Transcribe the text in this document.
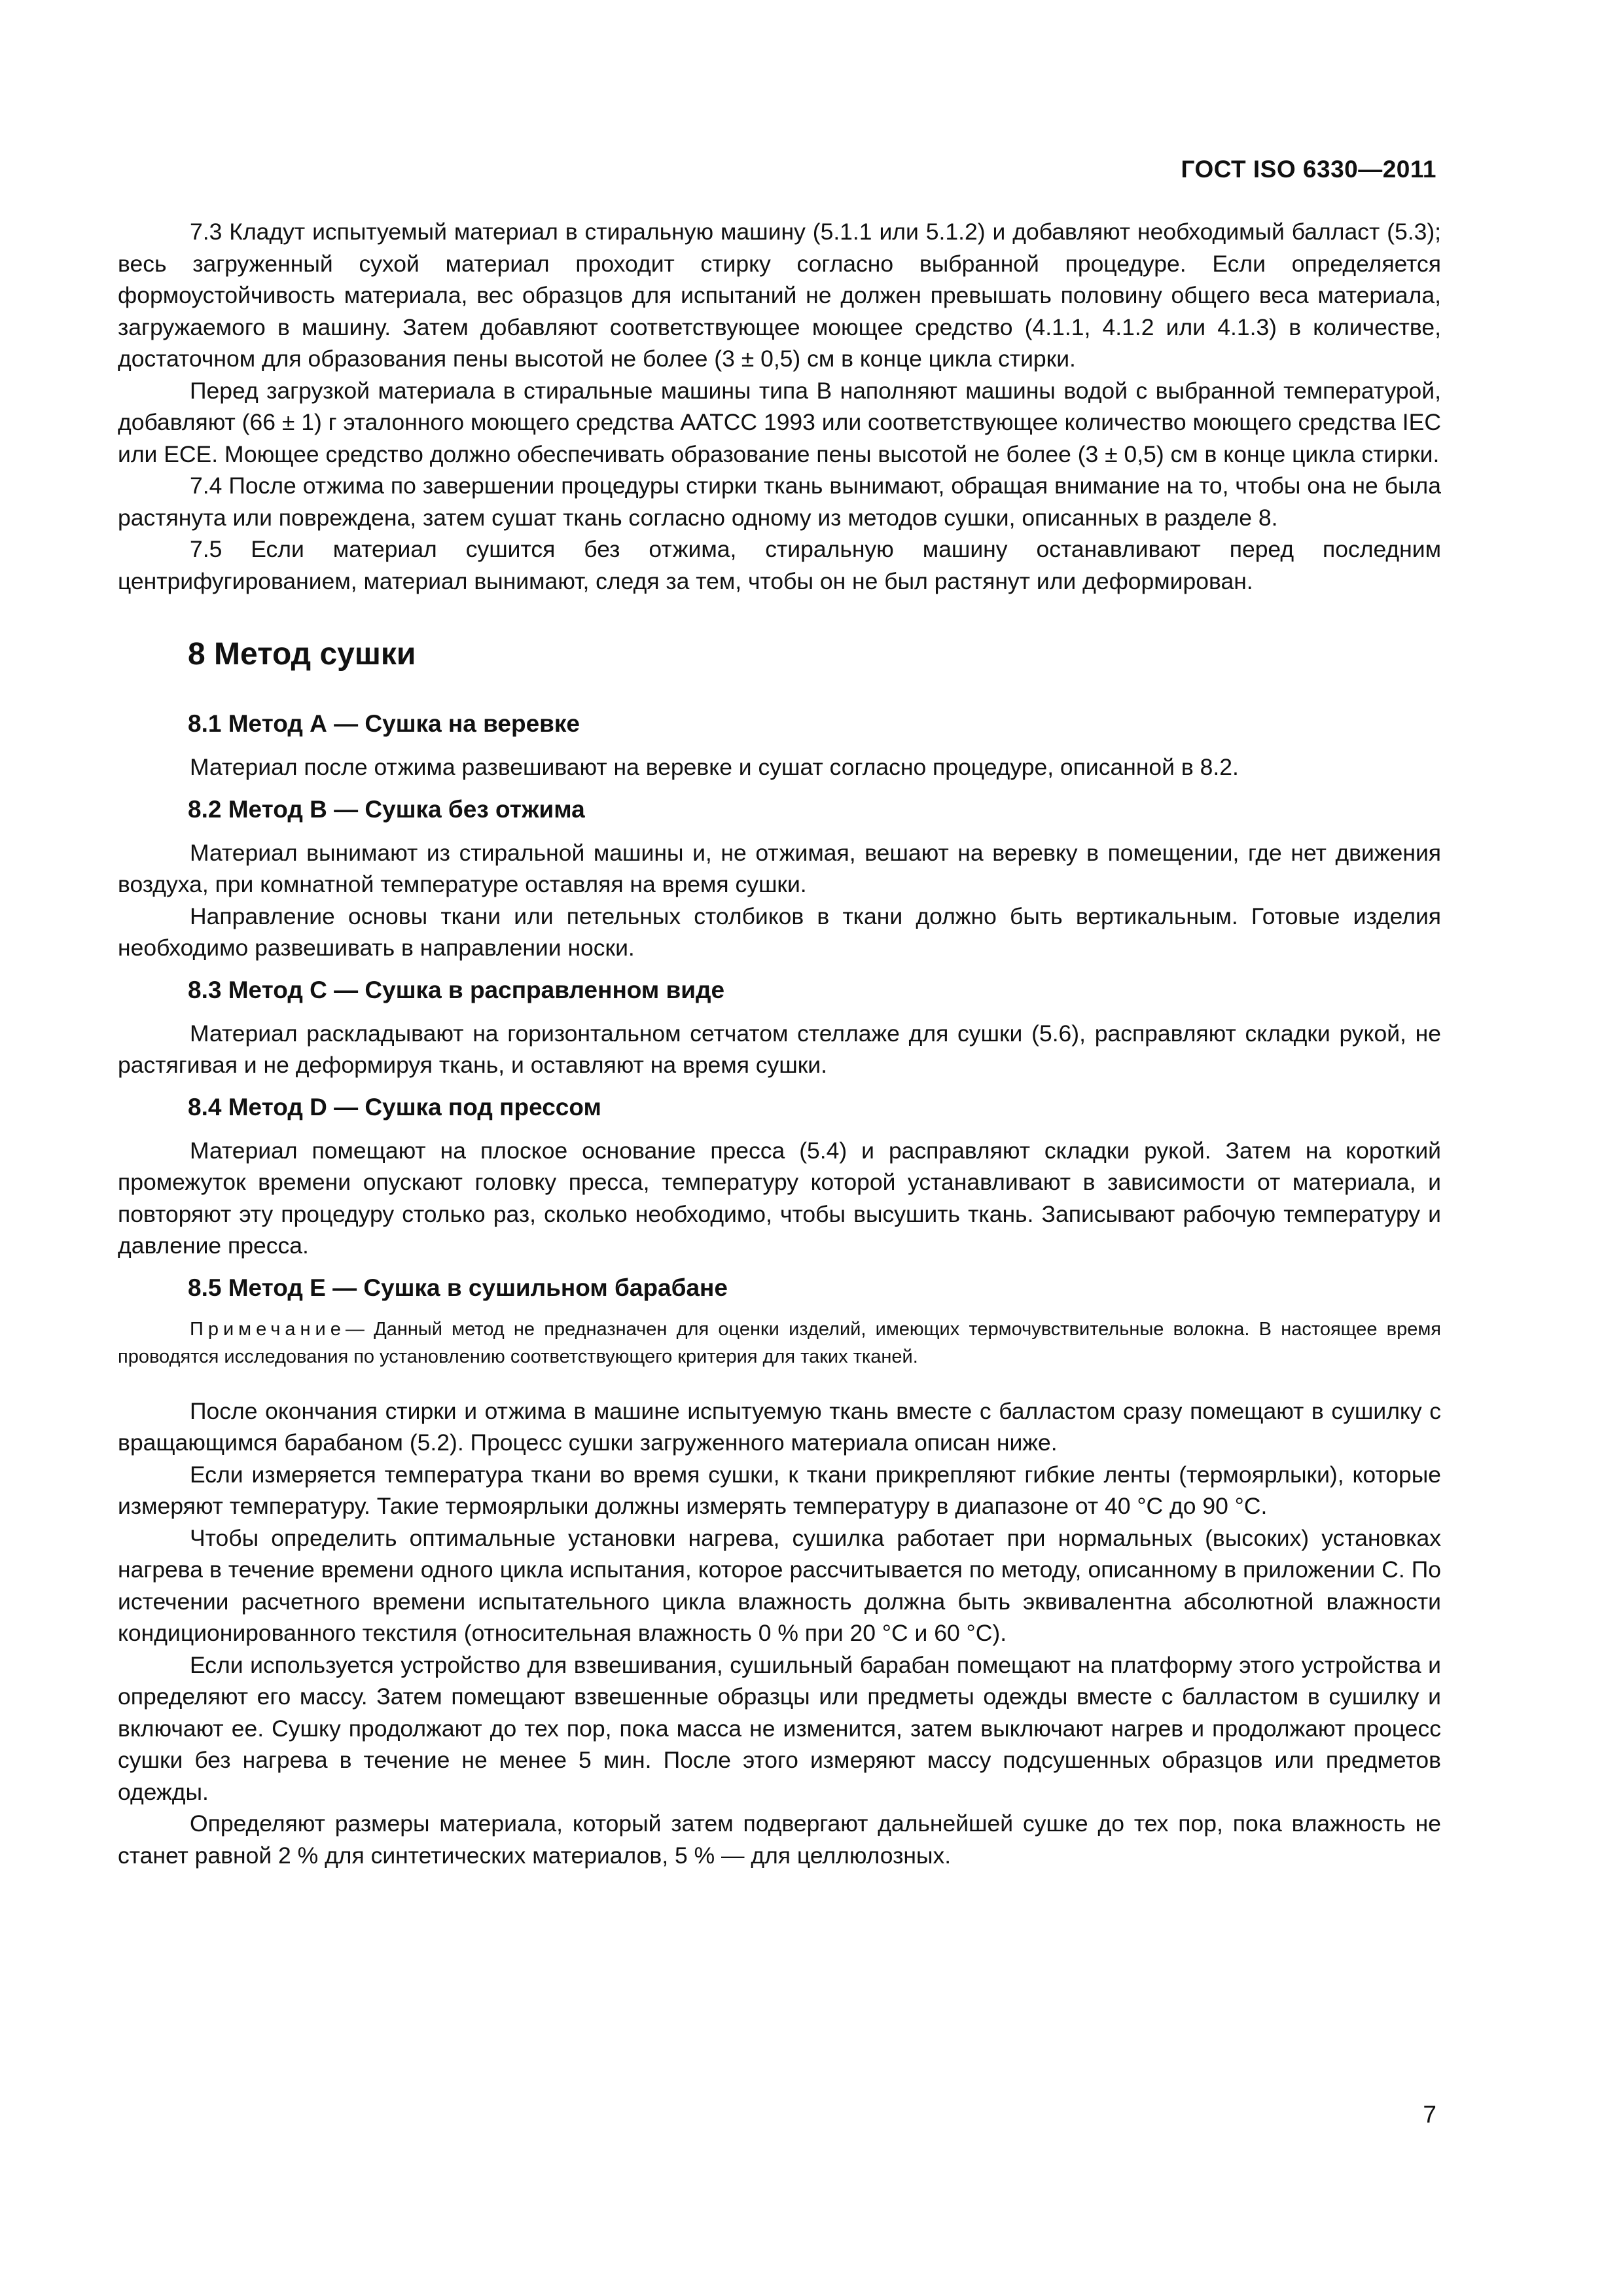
ГОСТ ISO 6330—2011

7.3 Кладут испытуемый материал в стиральную машину (5.1.1 или 5.1.2) и добавляют необходимый балласт (5.3); весь загруженный сухой материал проходит стирку согласно выбранной процедуре. Если определяется формоустойчивость материала, вес образцов для испытаний не должен превышать половину общего веса материала, загружаемого в машину. Затем добавляют соответствующее моющее средство (4.1.1, 4.1.2 или 4.1.3) в количестве, достаточном для образования пены высотой не более (3 ± 0,5) см в конце цикла стирки.

Перед загрузкой материала в стиральные машины типа В наполняют машины водой с выбранной температурой, добавляют (66 ± 1) г эталонного моющего средства AATCC 1993 или соответствующее количество моющего средства IEC или ECE. Моющее средство должно обеспечивать образование пены высотой не более (3 ± 0,5) см в конце цикла стирки.

7.4 После отжима по завершении процедуры стирки ткань вынимают, обращая внимание на то, чтобы она не была растянута или повреждена, затем сушат ткань согласно одному из методов сушки, описанных в разделе 8.

7.5 Если материал сушится без отжима, стиральную машину останавливают перед последним центрифугированием, материал вынимают, следя за тем, чтобы он не был растянут или деформирован.

8 Метод сушки
8.1 Метод А — Сушка на веревке

Материал после отжима развешивают на веревке и сушат согласно процедуре, описанной в 8.2.

8.2 Метод В — Сушка без отжима

Материал вынимают из стиральной машины и, не отжимая, вешают на веревку в помещении, где нет движения воздуха, при комнатной температуре оставляя на время сушки.

Направление основы ткани или петельных столбиков в ткани должно быть вертикальным. Готовые изделия необходимо развешивать в направлении носки.

8.3 Метод С — Сушка в расправленном виде

Материал раскладывают на горизонтальном сетчатом стеллаже для сушки (5.6), расправляют складки рукой, не растягивая и не деформируя ткань, и оставляют на время сушки.

8.4 Метод D — Сушка под прессом

Материал помещают на плоское основание пресса (5.4) и расправляют складки рукой. Затем на короткий промежуток времени опускают головку пресса, температуру которой устанавливают в зависимости от материала, и повторяют эту процедуру столько раз, сколько необходимо, чтобы высушить ткань. Записывают рабочую температуру и давление пресса.

8.5 Метод Е — Сушка в сушильном барабане
Примечание— Данный метод не предназначен для оценки изделий, имеющих термочувствительные волокна. В настоящее время проводятся исследования по установлению соответствующего критерия для таких тканей.

После окончания стирки и отжима в машине испытуемую ткань вместе с балластом сразу помещают в сушилку с вращающимся барабаном (5.2). Процесс сушки загруженного материала описан ниже.

Если измеряется температура ткани во время сушки, к ткани прикрепляют гибкие ленты (термоярлыки), которые измеряют температуру. Такие термоярлыки должны измерять температуру в диапазоне от 40 °С до 90 °С.

Чтобы определить оптимальные установки нагрева, сушилка работает при нормальных (высоких) установках нагрева в течение времени одного цикла испытания, которое рассчитывается по методу, описанному в приложении С. По истечении расчетного времени испытательного цикла влажность должна быть эквивалентна абсолютной влажности кондиционированного текстиля (относительная влажность 0 % при 20 °С и 60 °С).

Если используется устройство для взвешивания, сушильный барабан помещают на платформу этого устройства и определяют его массу. Затем помещают взвешенные образцы или предметы одежды вместе с балластом в сушилку и включают ее. Сушку продолжают до тех пор, пока масса не изменится, затем выключают нагрев и продолжают процесс сушки без нагрева в течение не менее 5 мин. После этого измеряют массу подсушенных образцов или предметов одежды.

Определяют размеры материала, который затем подвергают дальнейшей сушке до тех пор, пока влажность не станет равной 2 % для синтетических материалов, 5 % — для целлюлозных.

7
